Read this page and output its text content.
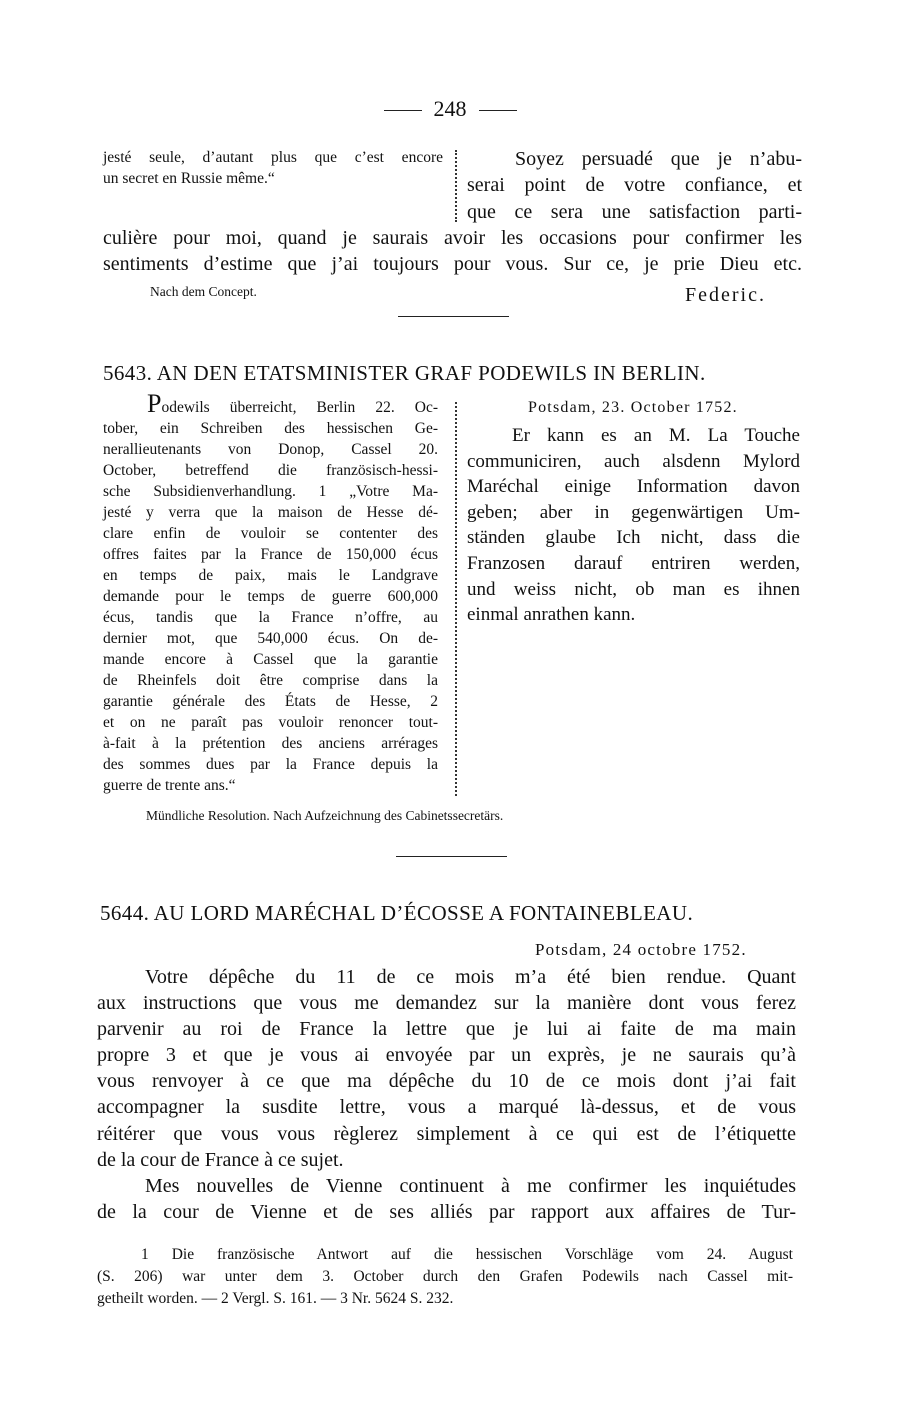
248
jesté seule, d’autant plus que c’est encore
un secret en Russie même.“
Soyez persuadé que je n’abu-
serai point de votre confiance, et
que ce sera une satisfaction parti-
culière pour moi, quand je saurais avoir les occasions pour confirmer les
sentiments d’estime que j’ai toujours pour vous. Sur ce, je prie Dieu etc.
Nach dem Concept.	Federic.
5643. AN DEN ETATSMINISTER GRAF PODEWILS IN BERLIN.
Podewils überreicht, Berlin 22. Oc-
tober, ein Schreiben des hessischen Ge-
nerallieutenants von Donop, Cassel 20.
October, betreffend die französisch-hessi-
sche Subsidienverhandlung. 1 „Votre Ma-
jesté y verra que la maison de Hesse dé-
clare enfin de vouloir se contenter des
offres faites par la France de 150,000 écus
en temps de paix, mais le Landgrave
demande pour le temps de guerre 600,000
écus, tandis que la France n’offre, au
dernier mot, que 540,000 écus. On de-
mande encore à Cassel que la garantie
de Rheinfels doit être comprise dans la
garantie générale des États de Hesse, 2
et on ne paraît pas vouloir renoncer tout-
à-fait à la prétention des anciens arrérages
des sommes dues par la France depuis la
guerre de trente ans.“
Potsdam, 23. October 1752.
Er kann es an M. La Touche
communiciren, auch alsdenn Mylord
Maréchal einige Information davon
geben; aber in gegenwärtigen Um-
ständen glaube Ich nicht, dass die
Franzosen darauf entriren werden,
und weiss nicht, ob man es ihnen
einmal anrathen kann.
Mündliche Resolution. Nach Aufzeichnung des Cabinetssecretärs.
5644. AU LORD MARÉCHAL D’ÉCOSSE A FONTAINEBLEAU.
Potsdam, 24 octobre 1752.
Votre dépêche du 11 de ce mois m’a été bien rendue. Quant
aux instructions que vous me demandez sur la manière dont vous ferez
parvenir au roi de France la lettre que je lui ai faite de ma main
propre 3 et que je vous ai envoyée par un exprès, je ne saurais qu’à
vous renvoyer à ce que ma dépêche du 10 de ce mois dont j’ai fait
accompagner la susdite lettre, vous a marqué là-dessus, et de vous
réitérer que vous vous règlerez simplement à ce qui est de l’étiquette
de la cour de France à ce sujet.
Mes nouvelles de Vienne continuent à me confirmer les inquiétudes
de la cour de Vienne et de ses alliés par rapport aux affaires de Tur-
1 Die französische Antwort auf die hessischen Vorschläge vom 24. August
(S. 206) war unter dem 3. October durch den Grafen Podewils nach Cassel mit-
getheilt worden. — 2 Vergl. S. 161. — 3 Nr. 5624 S. 232.
